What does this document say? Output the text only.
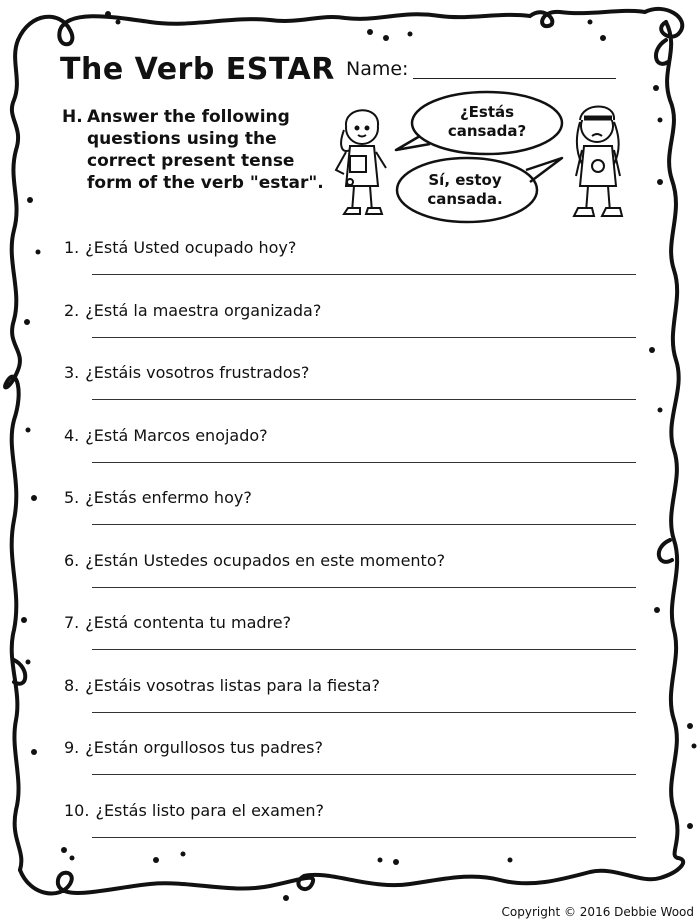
The Verb ESTAR Name:
H. Answer the following questions using the correct present tense form of the verb "estar".
¿Estás cansada?
Sí, estoy cansada.
1. ¿Está Usted ocupado hoy?
2. ¿Está la maestra organizada?
3. ¿Estáis vosotros frustrados?
4. ¿Está Marcos enojado?
5. ¿Estás enfermo hoy?
6. ¿Están Ustedes ocupados en este momento?
7. ¿Está contenta tu madre?
8. ¿Estáis vosotras listas para la fiesta?
9. ¿Están orgullosos tus padres?
10. ¿Estás listo para el examen?
Copyright © 2016 Debbie Wood
